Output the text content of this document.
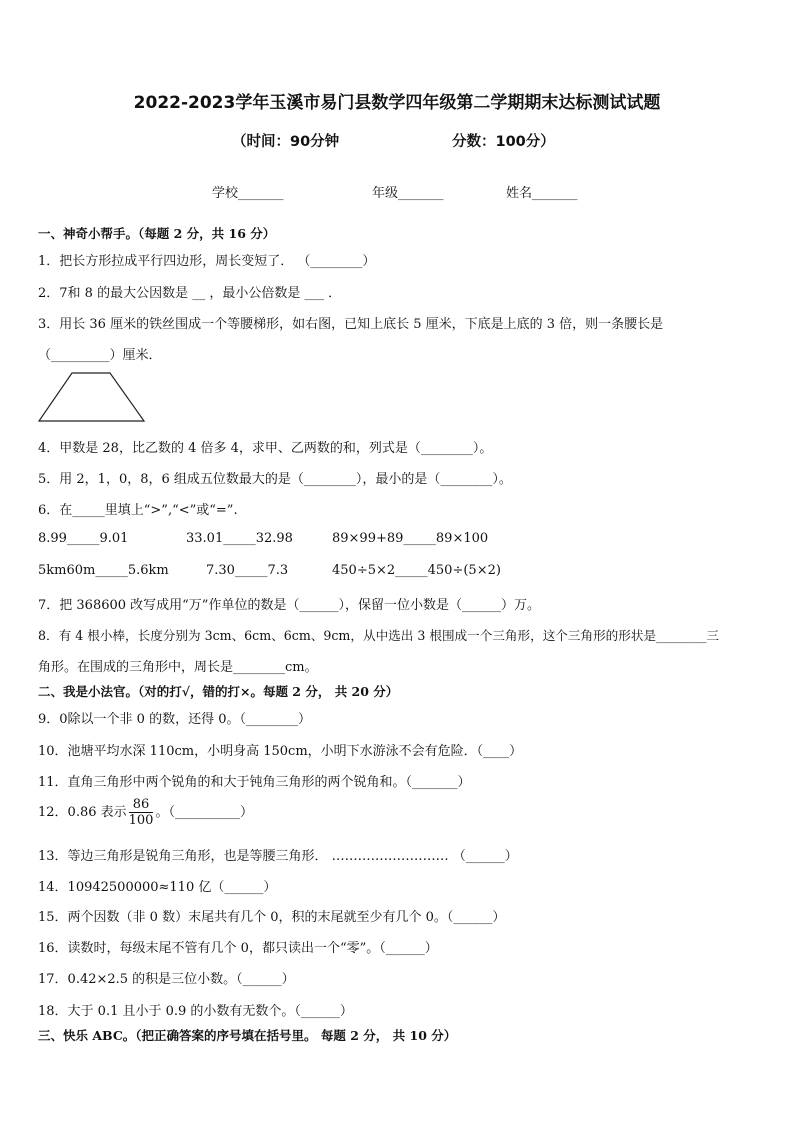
2022-2023学年玉溪市易门县数学四年级第二学期期末达标测试试题
（时间：90分钟	分数：100分）
学校_______	年级_______	姓名_______
一、神奇小帮手。（每题 2 分，共 16 分）
1．把长方形拉成平行四边形，周长变短了． （________）
2．7和 8 的最大公因数是 __ ，最小公倍数是 ___ ．
3．用长 36 厘米的铁丝围成一个等腰梯形，如右图，已知上底长 5 厘米，下底是上底的 3 倍，则一条腰长是
（_________）厘米．
4．甲数是 28，比乙数的 4 倍多 4，求甲、乙两数的和，列式是（________）。
5．用 2，1，0，8，6 组成五位数最大的是（________），最小的是（________）。
6．在_____里填上“>”,“<”或“=”.
8.99_____9.01	33.01_____32.98	89×99+89_____89×100
5km60m_____5.6km	7.30_____7.3	450÷5×2_____450÷(5×2)
7．把 368600 改写成用“万”作单位的数是（______），保留一位小数是（______）万。
8．有 4 根小棒，长度分别为 3cm、6cm、6cm、9cm，从中选出 3 根围成一个三角形，这个三角形的形状是________三
角形。在围成的三角形中，周长是________cm。
二、我是小法官。（对的打√，错的打×。每题 2 分， 共 20 分）
9．0除以一个非 0 的数，还得 0。（________）
10．池塘平均水深 110cm，小明身高 150cm，小明下水游泳不会有危险．（____）
11．直角三角形中两个锐角的和大于钝角三角形的两个锐角和。（_______）
12．0.86 表示 $\frac{86}{100}$ 。（__________）
13．等边三角形是锐角三角形，也是等腰三角形． ……………………… （______）
14．10942500000≈110 亿（______）
15．两个因数（非 0 数）末尾共有几个 0，积的末尾就至少有几个 0。（______）
16．读数时，每级末尾不管有几个 0，都只读出一个“零”。（______）
17．0.42×2.5 的积是三位小数。（______）
18．大于 0.1 且小于 0.9 的小数有无数个。（______）
三、快乐 ABC。（把正确答案的序号填在括号里。 每题 2 分， 共 10 分）
